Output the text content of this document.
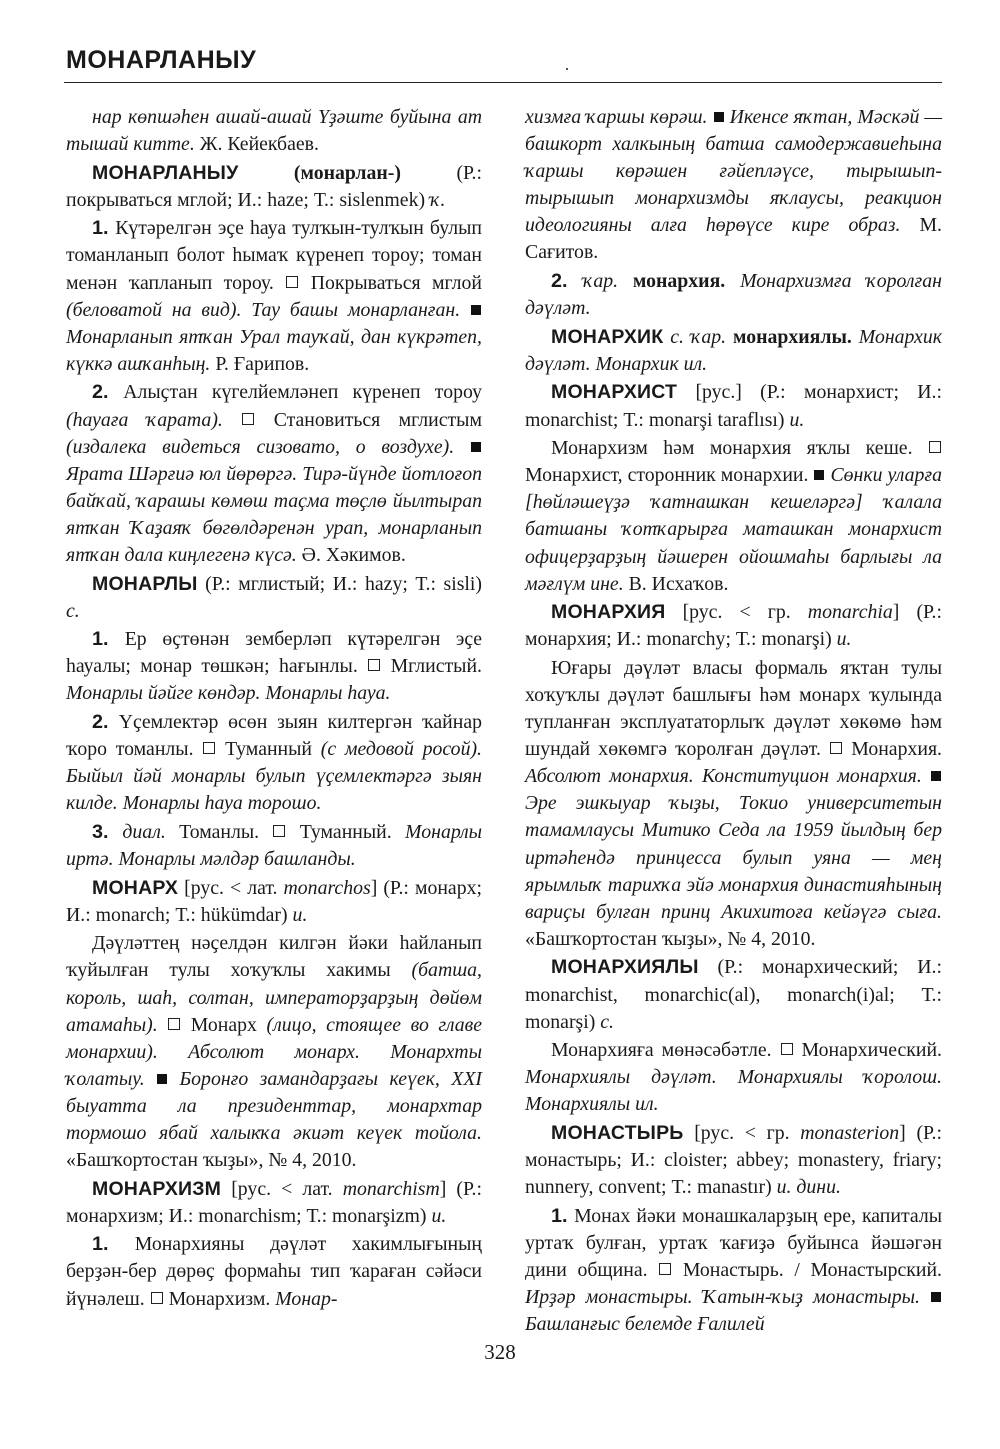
МОНАРЛАНЫУ

нар көпшәһен ашай-ашай Үҙәште буйына ат тышай китте. Ж. Кейекбаев.

МОНАРЛАНЫУ (монарлан-) (Р.: покрываться мглой; И.: haze; Т.: sislenmek) ҡ.

1. Күтәрелгән эҫе һауа тулҡын-тулҡын булып томанланып болот һымаҡ күренеп тороу; томан менән ҡапланып тороу.  Покрываться мглой (беловатой на вид). Тау башы монарланған.  Монарланып ятҡан Урал тауҡай, дан күкрәтеп, күккә ашҡанһың. Р. Ғарипов.

2. Алыҫтан күгелйемләнеп күренеп тороу (һауаға ҡарата).  Становиться мглистым (издалека видеться сизовато, о воздухе).  Ярата Шәрғиә юл йөрөргә. Тирә-йүнде йотлоғоп байҡай, ҡарашы көмөш таҫма төҫлө йылтырап ятҡан Ҡаҙаяҡ бөгөлдәренән урап, монарланып ятҡан дала киңлегенә күсә. Ә. Хәкимов.

МОНАРЛЫ (Р.: мглистый; И.: hazy; Т.: sisli) с.

1. Ер өҫтөнән земберләп күтәрелгән эҫе һауалы; монар төшкән; һағынлы.  Мглистый. Монарлы йәйге көндәр. Монарлы һауа.

2. Үҫемлектәр өсөн зыян килтергән ҡайнар ҡоро томанлы.  Туманный (с медовой росой). Быйыл йәй монарлы булып үҫемлектәргә зыян килде. Монарлы һауа торошо.

3. диал. Томанлы.  Туманный. Монарлы иртә. Монарлы мәлдәр башланды.

МОНАРХ [рус. < лат. monarchos] (Р.: монарх; И.: monarch; Т.: hükümdar) и.

Дәүләттең нәҫелдән килгән йәки һайланып ҡуйылған тулы хоҡуҡлы хакимы (батша, король, шаһ, солтан, императорҙарҙың дөйөм атамаһы).  Монарх (лицо, стоящее во главе монархии). Абсолют монарх. Монархты ҡолатыу.  Боронғо замандарҙағы кеүек, XXI быуатта ла президенттар, монархтар тормошо ябай халыкҡа әкиәт кеүек тойола. «Башҡортостан ҡыҙы», № 4, 2010.

МОНАРХИЗМ [рус. < лат. monarchism] (Р.: монархизм; И.: monarchism; Т.: monarşizm) и.

1. Монархияны дәүләт хакимлығының берҙән-бер дөрөҫ формаһы тип ҡараған сәйәси йүнәлеш.  Монархизм. Монар-

хизмға ҡаршы көрәш.  Икенсе яҡтан, Мәскәй — башкорт халкының батша самодержавиеһына ҡаршы көрәшен ғәйепләүсе, тырышып-тырышып монархизмды яҡлаусы, реакцион идеологияны алға һөрөүсе кире образ. М. Сағитов.

2. ҡар. монархия. Монархизмға ҡоролған дәүләт.

МОНАРХИК с. ҡар. монархиялы. Монархик дәүләт. Монархик ил.

МОНАРХИСТ [рус.] (Р.: монархист; И.: monarchist; Т.: monarşi taraflısı) и.

Монархизм һәм монархия яҡлы кеше.  Монархист, сторонник монархии.  Сөнки уларға [һөйләшеүҙә ҡатнашкан кешеләргә] ҡалала батшаны ҡотҡарырға маташкан монархист офицерҙарҙың йәшерен ойошмаһы барлығы ла мәғлүм ине. В. Исхаҡов.

МОНАРХИЯ [рус. < гр. monarchia] (Р.: монархия; И.: monarchy; Т.: monarşi) и.

Юғары дәүләт власы формаль яҡтан тулы хоҡуҡлы дәүләт башлығы һәм монарх ҡулында тупланған эксплуататорлыҡ дәүләт хөкөмө һәм шундай хөкөмгә ҡоролған дәүләт.  Монархия. Абсолют монархия. Конституцион монархия.  Эре эшкыуар ҡыҙы, Токио университетын тамамлаусы Митико Седа ла 1959 йылдың бер иртәһендә принцесса булып уяна — мең ярымлыҡ тарихҡа эйә монархия династияһының вариҫы булған принц Акихитоға кейәүгә сыға. «Башҡортостан ҡыҙы», № 4, 2010.

МОНАРХИЯЛЫ (Р.: монархический; И.: monarchist, monarchic(al), monarch(i)al; Т.: monarşi) с.

Монархияға мөнәсәбәтле.  Монархический. Монархиялы дәүләт. Монархиялы ҡоролош. Монархиялы ил.

МОНАСТЫРЬ [рус. < гр. monasterion] (Р.: монастырь; И.: cloister; abbey; monastery, friary; nunnery, convent; Т.: manastır) и. дини.

1. Монах йәки монашкаларҙың ере, капиталы уртаҡ булған, уртаҡ ҡағиҙә буйынса йәшәгән дини община.  Монастырь. / Монастырский. Ирҙәр монастыры. Ҡатын-ҡыҙ монастыры.  Башланғыс белемде Ғалилей

328
